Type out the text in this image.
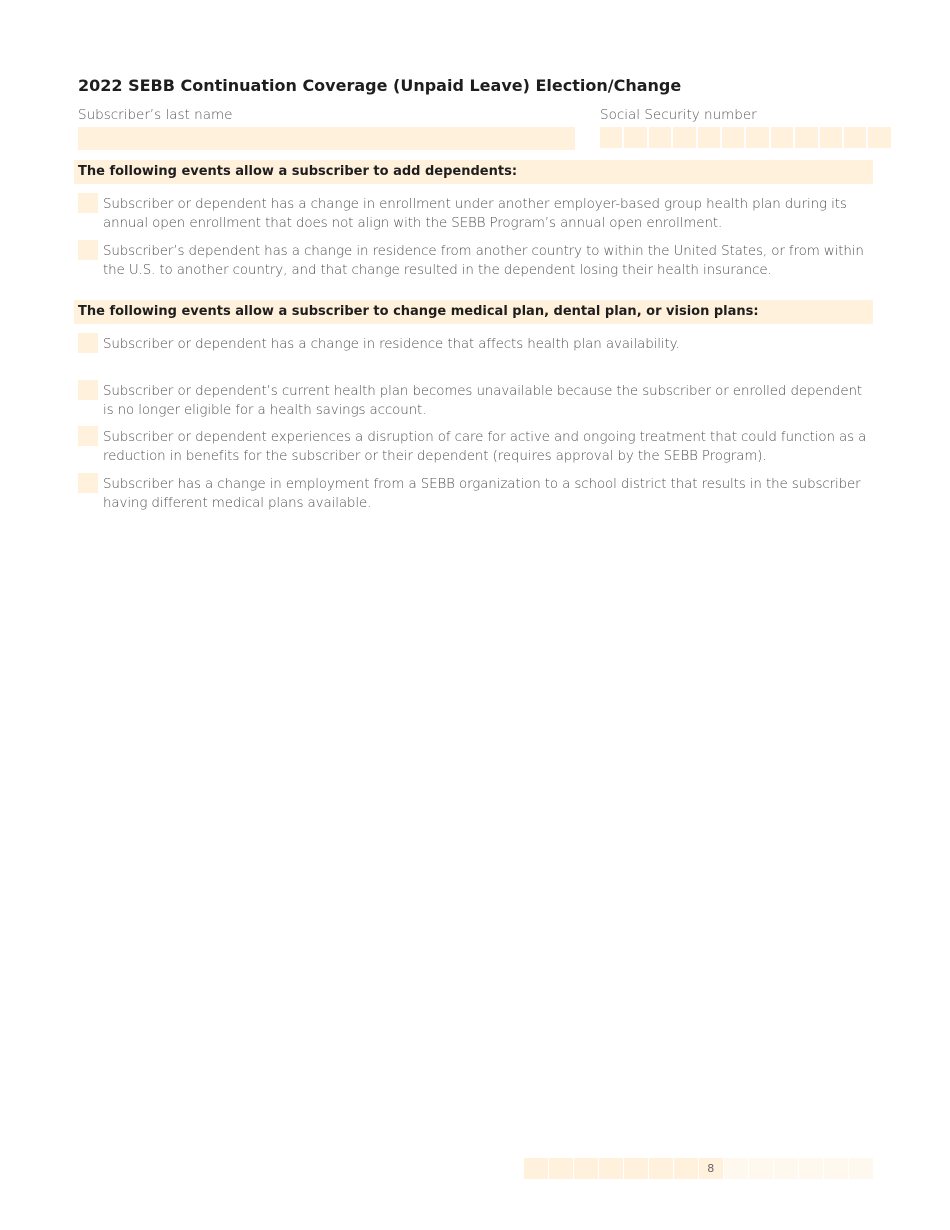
2022 SEBB Continuation Coverage (Unpaid Leave) Election/Change
Subscriber’s last name	Social Security number
The following events allow a subscriber to add dependents:
Subscriber or dependent has a change in enrollment under another employer-based group health plan during its annual open enrollment that does not align with the SEBB Program’s annual open enrollment.
Subscriber’s dependent has a change in residence from another country to within the United States, or from within the U.S. to another country, and that change resulted in the dependent losing their health insurance.
The following events allow a subscriber to change medical plan, dental plan, or vision plans:
Subscriber or dependent has a change in residence that affects health plan availability.
Subscriber or dependent’s current health plan becomes unavailable because the subscriber or enrolled dependent is no longer eligible for a health savings account.
Subscriber or dependent experiences a disruption of care for active and ongoing treatment that could function as a reduction in benefits for the subscriber or their dependent (requires approval by the SEBB Program).
Subscriber has a change in employment from a SEBB organization to a school district that results in the subscriber having different medical plans available.
8
